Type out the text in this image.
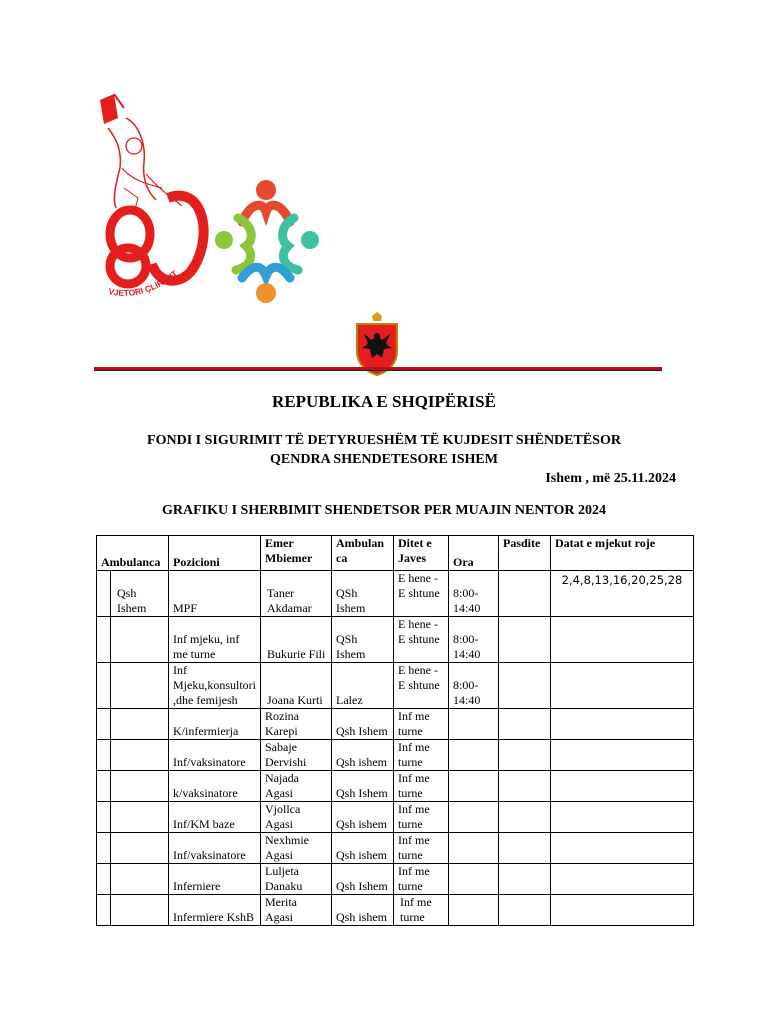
VJETORI ÇLIRIMIT
REPUBLIKA E SHQIPËRISË
FONDI I SIGURIMIT TË DETYRUESHËM TË KUJDESIT SHËNDETËSOR
QENDRA SHENDETESORE ISHEM
Ishem , më 25.11.2024
GRAFIKU I SHERBIMIT SHENDETSOR PER MUAJIN NENTOR 2024
Ambulanca		Pozicioni	Emer Mbiemer	Ambulanca	Ditet e Javes	Ora	Pasdite	Datat e mjekut roje
	Qsh Ishem	MPF	Taner Akdamar	QSh Ishem	E hene - E shtune	8:00-14:40		2,4,8,13,16,20,25,28
		Inf mjeku, inf me turne	Bukurie Fili	QSh Ishem	E hene - E shtune	8:00-14:40		
		Inf Mjeku,konsultori,dhe femijesh	Joana Kurti	Lalez	E hene - E shtune	8:00-14:40		
		K/infermierja	Rozina Karepi	Qsh Ishem	Inf me turne			
		Inf/vaksinatore	Sabaje Dervishi	Qsh ishem	Inf me turne			
		k/vaksinatore	Najada Agasi	Qsh Ishem	Inf me turne			
		Inf/KM baze	Vjollca Agasi	Qsh ishem	Inf me turne			
		Inf/vaksinatore	Nexhmie Agasi	Qsh ishem	Inf me turne			
		Inferniere	Luljeta Danaku	Qsh Ishem	Inf me turne			
		Infermiere KshB	Merita Agasi	Qsh ishem	Inf me turne			
